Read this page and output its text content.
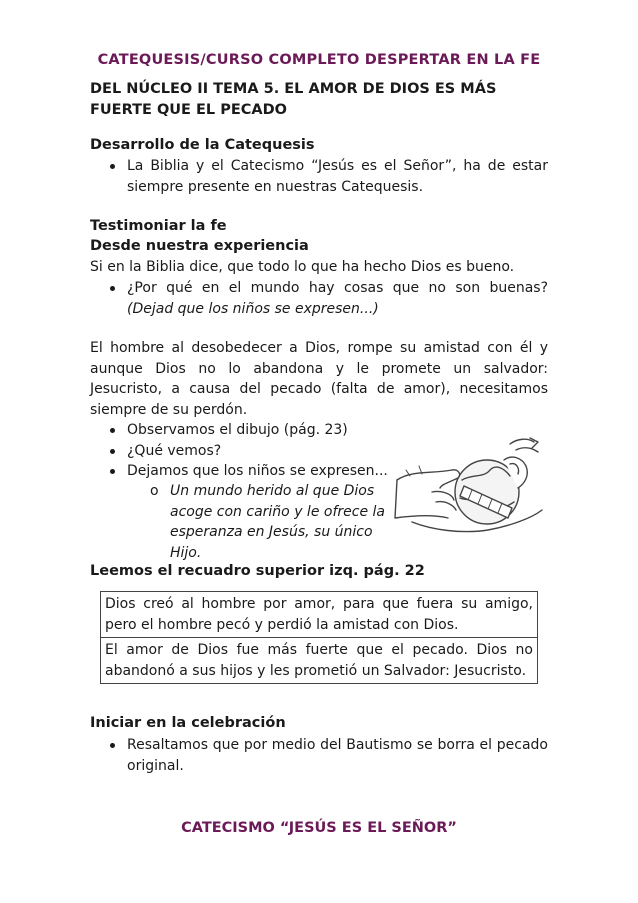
CATEQUESIS/CURSO COMPLETO DESPERTAR EN LA FE
DEL NÚCLEO II TEMA 5. EL AMOR DE DIOS ES MÁS FUERTE QUE EL PECADO
Desarrollo de la Catequesis
La Biblia y el Catecismo “Jesús es el Señor”, ha de estar siempre presente en nuestras Catequesis.
Testimoniar la fe
Desde nuestra experiencia
Si en la Biblia dice, que todo lo que ha hecho Dios es bueno.
¿Por qué en el mundo hay cosas que no son buenas? (Dejad que los niños se expresen...)
El hombre al desobedecer a Dios, rompe su amistad con él y aunque Dios no lo abandona y le promete un salvador: Jesucristo, a causa del pecado (falta de amor), necesitamos siempre de su perdón.
Observamos el dibujo (pág. 23)
¿Qué vemos?
Dejamos que los niños se expresen...
o Un mundo herido al que Dios acoge con cariño y le ofrece la esperanza en Jesús, su único Hijo.
Leemos el recuadro superior izq. pág. 22
Dios creó al hombre por amor, para que fuera su amigo, pero el hombre pecó y perdió la amistad con Dios.
El amor de Dios fue más fuerte que el pecado. Dios no abandonó a sus hijos y les prometió un Salvador: Jesucristo.
Iniciar en la celebración
Resaltamos que por medio del Bautismo se borra el pecado original.
CATECISMO “JESÚS ES EL SEÑOR”
